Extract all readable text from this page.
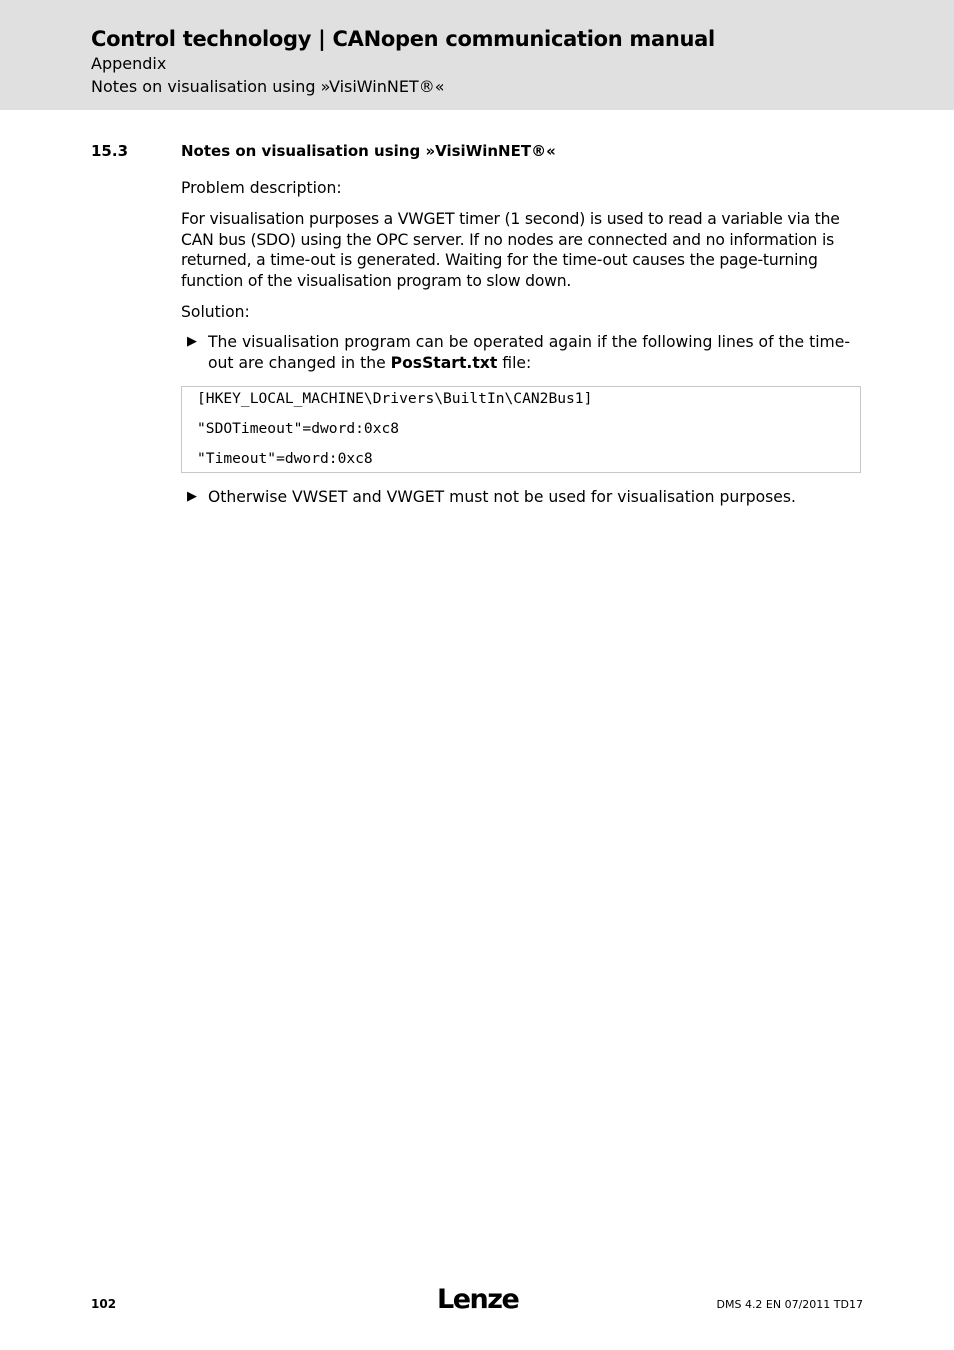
Control technology | CANopen communication manual
Appendix
Notes on visualisation using »VisiWinNET®«
15.3	Notes on visualisation using »VisiWinNET®«
Problem description:
For visualisation purposes a VWGET timer (1 second) is used to read a variable via the CAN bus (SDO) using the OPC server. If no nodes are connected and no information is returned, a time-out is generated. Waiting for the time-out causes the page-turning function of the visualisation program to slow down.
Solution:
▶ The visualisation program can be operated again if the following lines of the time-out are changed in the PosStart.txt file:
[HKEY_LOCAL_MACHINE\Drivers\BuiltIn\CAN2Bus1]
"SDOTimeout"=dword:0xc8
"Timeout"=dword:0xc8
▶ Otherwise VWSET and VWGET must not be used for visualisation purposes.
102	Lenze	DMS 4.2 EN 07/2011 TD17
